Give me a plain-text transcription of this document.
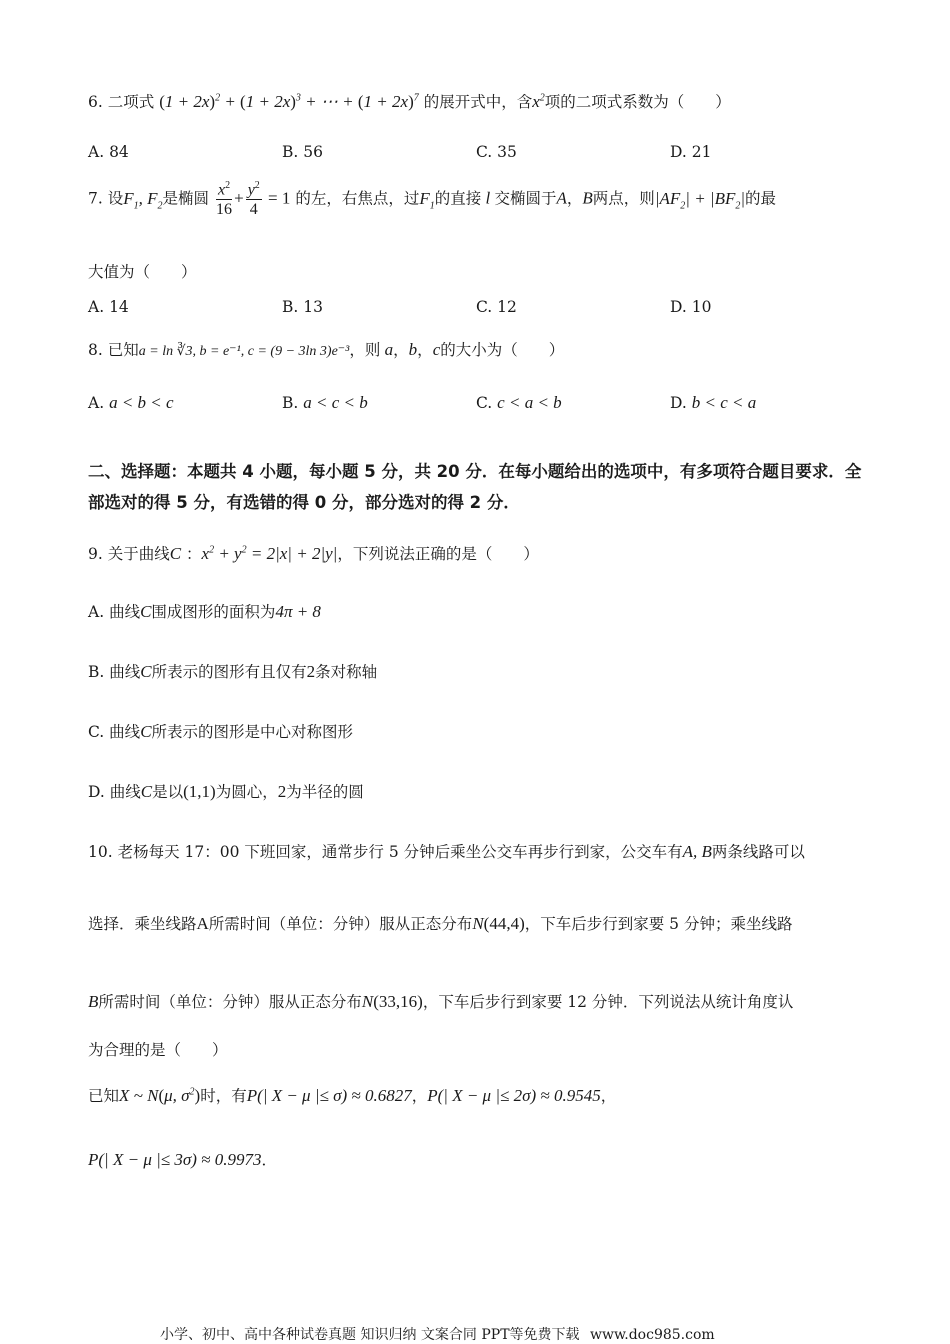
6. 二项式 $(1 + 2x)^2 + (1 + 2x)^3$ + ⋯ + $(1 + 2x)^7$ 的展开式中，含$x^2$项的二项式系数为（　　）
A. 84	B. 56	C. 35	D. 21
7. 设$F_1$, $F_2$是椭圆 $\frac{x^2}{16} + \frac{y^2}{4} = 1$ 的左，右焦点，过$F_1$的直接 l 交椭圆于A，B两点，则$|AF_2| + |BF_2|$的最
大值为（　　）
A. 14	B. 13	C. 12	D. 10
8. 已知a = ln ∛3, b = e⁻¹, c = (9 − 3ln 3)e⁻³，则 a，b，c的大小为（　　）
A. a < b < c	B. a < c < b	C. c < a < b	D. b < c < a
二、选择题：本题共 4 小题，每小题 5 分，共 20 分．在每小题给出的选项中，有多项符合题目要求．全部选对的得 5 分，有选错的得 0 分，部分选对的得 2 分．
9. 关于曲线C ：$x^2 + y^2 = 2|x| + 2|y|$，下列说法正确的是（　　）
A. 曲线C围成图形的面积为4π + 8
B. 曲线C所表示的图形有且仅有2条对称轴
C. 曲线C所表示的图形是中心对称图形
D. 曲线C是以(1,1)为圆心，2为半径的圆
10. 老杨每天 17：00 下班回家，通常步行 5 分钟后乘坐公交车再步行到家，公交车有A, B两条线路可以
选择．乘坐线路A所需时间（单位：分钟）服从正态分布N(44,4)，下车后步行到家要 5 分钟；乘坐线路
B所需时间（单位：分钟）服从正态分布N(33,16)，下车后步行到家要 12 分钟．下列说法从统计角度认
为合理的是（　　）
已知X ~ N(μ, $\sigma^2$)时，有P(| X − μ |≤ σ) ≈ 0.6827，P(| X − μ |≤ 2σ) ≈ 0.9545，
P(| X − μ |≤ 3σ) ≈ 0.9973．
小学、初中、高中各种试卷真题 知识归纳 文案合同 PPT等免费下载 www.doc985.com
